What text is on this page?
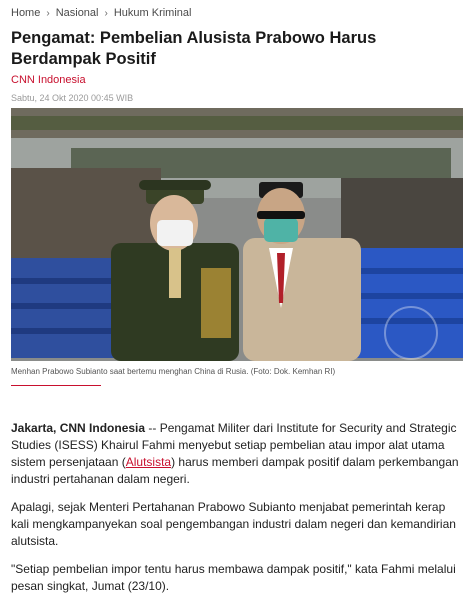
Home › Nasional › Hukum Kriminal
Pengamat: Pembelian Alusista Prabowo Harus Berdampak Positif
CNN Indonesia
Sabtu, 24 Okt 2020 00:45 WIB
Menhan Prabowo Subianto saat bertemu menghan China di Rusia. (Foto: Dok. Kemhan RI)

Jakarta, CNN Indonesia -- Pengamat Militer dari Institute for Security and Strategic Studies (ISESS) Khairul Fahmi menyebut setiap pembelian atau impor alat utama sistem persenjataan (Alutsista) harus memberi dampak positif dalam perkembangan industri pertahanan dalam negeri.

Apalagi, sejak Menteri Pertahanan Prabowo Subianto menjabat pemerintah kerap kali mengkampanyekan soal pengembangan industri dalam negeri dan kemandirian alutsista.

"Setiap pembelian impor tentu harus membawa dampak positif," kata Fahmi melalui pesan singkat, Jumat (23/10).
